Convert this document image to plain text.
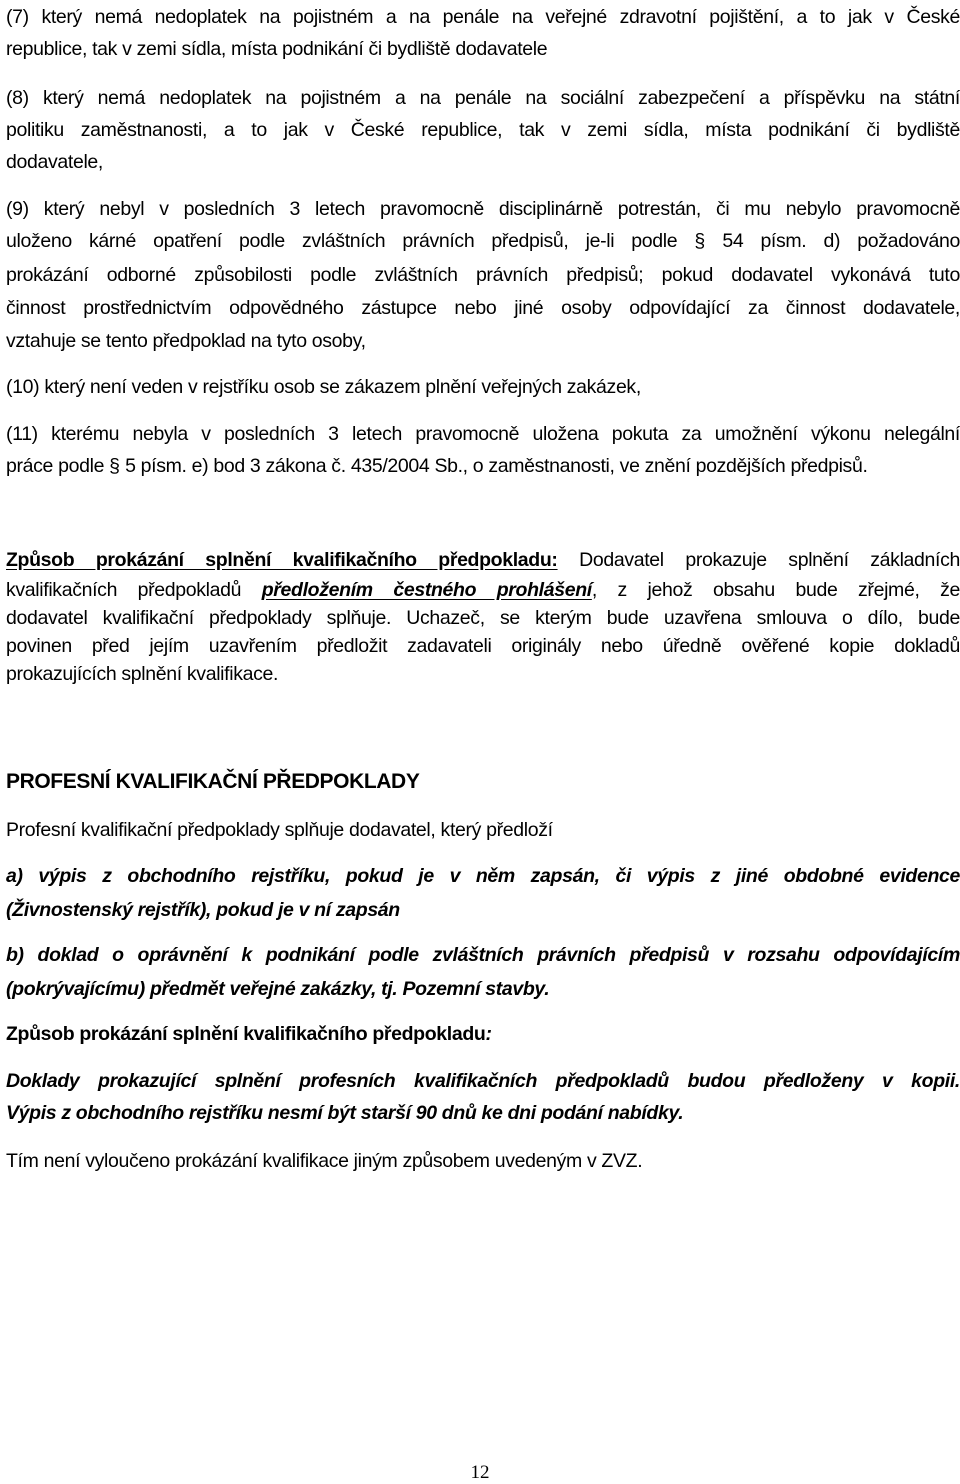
(7) který nemá nedoplatek na pojistném a na penále na veřejné zdravotní pojištění, a to jak v České
republice, tak v zemi sídla, místa podnikání či bydliště dodavatele
(8) který nemá nedoplatek na pojistném a na penále na sociální zabezpečení a příspěvku na státní
politiku zaměstnanosti, a to jak v České republice, tak v zemi sídla, místa podnikání či bydliště
dodavatele,
(9) který nebyl v posledních 3 letech pravomocně disciplinárně potrestán, či mu nebylo pravomocně
uloženo kárné opatření podle zvláštních právních předpisů, je-li podle § 54 písm. d) požadováno
prokázání odborné způsobilosti podle zvláštních právních předpisů; pokud dodavatel vykonává tuto
činnost prostřednictvím odpovědného zástupce nebo jiné osoby odpovídající za činnost dodavatele,
vztahuje se tento předpoklad na tyto osoby,
(10) který není veden v rejstříku osob se zákazem plnění veřejných zakázek,
(11) kterému nebyla v posledních 3 letech pravomocně uložena pokuta za umožnění výkonu nelegální
práce podle § 5 písm. e) bod 3 zákona č. 435/2004 Sb., o zaměstnanosti, ve znění pozdějších předpisů.
Způsob prokázání splnění kvalifikačního předpokladu: Dodavatel prokazuje splnění základních
kvalifikačních předpokladů předložením čestného prohlášení, z jehož obsahu bude zřejmé, že
dodavatel kvalifikační předpoklady splňuje. Uchazeč, se kterým bude uzavřena smlouva o dílo, bude
povinen před jejím uzavřením předložit zadavateli originály nebo úředně ověřené kopie dokladů
prokazujících splnění kvalifikace.
PROFESNÍ KVALIFIKAČNÍ PŘEDPOKLADY
Profesní kvalifikační předpoklady splňuje dodavatel, který předloží
a) výpis z obchodního rejstříku, pokud je v něm zapsán, či výpis z jiné obdobné evidence
(Živnostenský rejstřík), pokud je v ní zapsán
b) doklad o oprávnění k podnikání podle zvláštních právních předpisů v rozsahu odpovídajícím
(pokrývajícímu) předmět veřejné zakázky, tj. Pozemní stavby.
Způsob prokázání splnění kvalifikačního předpokladu:
Doklady prokazující splnění profesních kvalifikačních předpokladů budou předloženy v kopii.
Výpis z obchodního rejstříku nesmí být starší 90 dnů ke dni podání nabídky.
Tím není vyloučeno prokázání kvalifikace jiným způsobem uvedeným v ZVZ.
12
